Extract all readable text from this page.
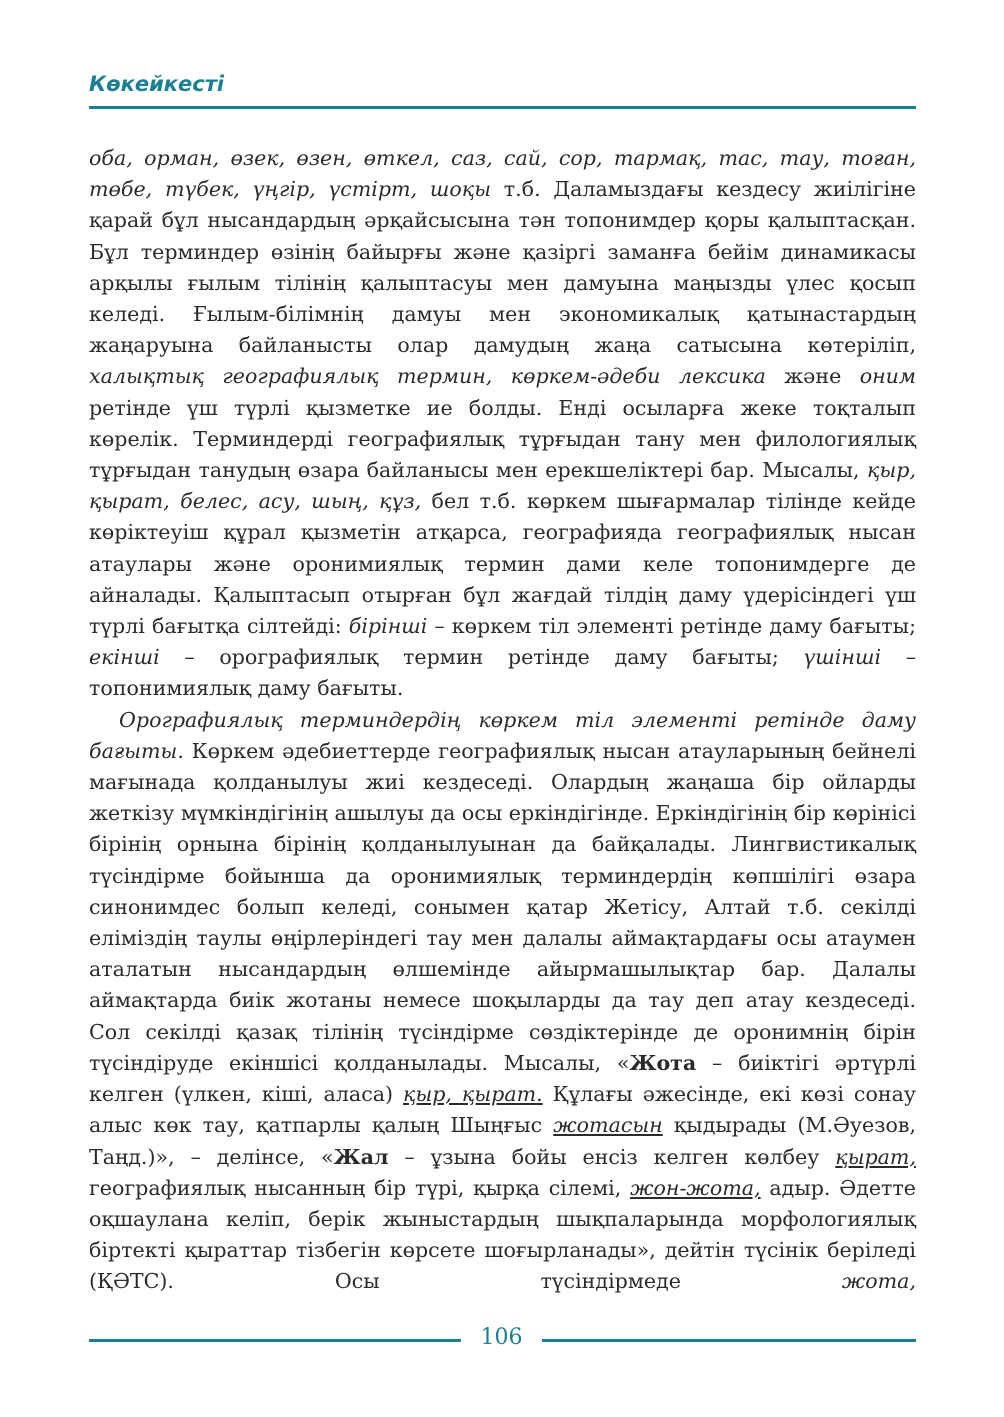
Көкейкесті

оба, орман, өзек, өзен, өткел, саз, сай, сор, тармақ, тас, тау, тоған, төбе, түбек, үңгір, үстірт, шоқы т.б. Даламыздағы кездесу жиілігіне қарай бұл нысандардың әрқайсысына тән топонимдер қоры қалыптасқан. Бұл терминдер өзінің байырғы және қазіргі заманға бейім динамикасы арқылы ғылым тілінің қалыптасуы мен дамуына маңызды үлес қосып келеді. Ғылым-білімнің дамуы мен экономикалық қатынастардың жаңаруына байланысты олар дамудың жаңа сатысына көтеріліп, халықтық географиялық термин, көркем-әдеби лексика және оним ретінде үш түрлі қызметке ие болды. Енді осыларға жеке тоқталып көрелік. Терминдерді географиялық тұрғыдан тану мен филологиялық тұрғыдан танудың өзара байланысы мен ерекшеліктері бар. Мысалы, қыр, қырат, белес, асу, шың, құз, бел т.б. көркем шығармалар тілінде кейде көріктеуіш құрал қызметін атқарса, географияда географиялық нысан атаулары және оронимиялық термин дами келе топонимдерге де айналады. Қалыптасып отырған бұл жағдай тілдің даму үдерісіндегі үш түрлі бағытқа сілтейді: бірінші – көркем тіл элементі ретінде даму бағыты; екінші – орографиялық термин ретінде даму бағыты; үшінші – топонимиялық даму бағыты.

Орографиялық терминдердің көркем тіл элементі ретінде даму бағыты. Көркем әдебиеттерде географиялық нысан атауларының бейнелі мағынада қолданылуы жиі кездеседі. Олардың жаңаша бір ойларды жеткізу мүмкіндігінің ашылуы да осы еркіндігінде. Еркіндігінің бір көрінісі бірінің орнына бірінің қолданылуынан да байқалады. Лингвистикалық түсіндірме бойынша да оронимиялық терминдердің көпшілігі өзара синонимдес болып келеді, сонымен қатар Жетісу, Алтай т.б. секілді еліміздің таулы өңірлеріндегі тау мен далалы аймақтардағы осы атаумен аталатын нысандардың өлшемінде айырмашылықтар бар. Далалы аймақтарда биік жотаны немесе шоқыларды да тау деп атау кездеседі. Сол секілді қазақ тілінің түсіндірме сөздіктерінде де оронимнің бірін түсіндіруде екіншісі қолданылады. Мысалы, «Жота – биіктігі әртүрлі келген (үлкен, кіші, аласа) қыр, қырат. Құлағы әжесінде, екі көзі сонау алыс көк тау, қатпарлы қалың Шыңғыс жотасын қыдырады (М.Әуезов, Таңд.)», – делінсе, «Жал – ұзына бойы енсіз келген көлбеу қырат, географиялық нысанның бір түрі, қырқа сілемі, жон-жота, адыр. Әдетте оқшаулана келіп, берік жыныстардың шықпаларында морфологиялық біртекті қыраттар тізбегін көрсете шоғырланады», дейтін түсінік беріледі (ҚӘТС). Осы түсіндірмеде жота,

106
